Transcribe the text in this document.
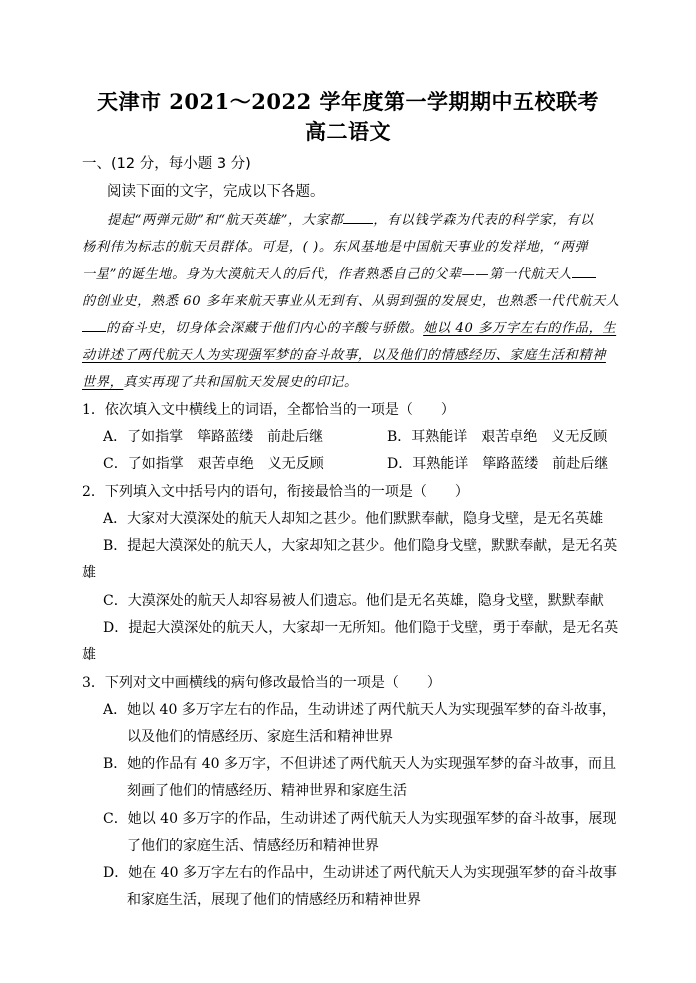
天津市 2021～2022 学年度第一学期期中五校联考
高二语文
一、(12 分，每小题 3 分)
阅读下面的文字，完成以下各题。
提起“两弹元勋”和“航天英雄”，大家都 ，有以钱学森为代表的科学家，有以
杨利伟为标志的航天员群体。可是，( )。东风基地是中国航天事业的发祥地，“两弹
一星”的诞生地。身为大漠航天人的后代，作者熟悉自己的父辈——第一代航天人
的创业史，熟悉 60 多年来航天事业从无到有、从弱到强的发展史，也熟悉一代代航天人
的奋斗史，切身体会深藏于他们内心的辛酸与骄傲。她以 40 多万字左右的作品，生
动讲述了两代航天人为实现强军梦的奋斗故事，以及他们的情感经历、家庭生活和精神
世界，真实再现了共和国航天发展史的印记。
1．依次填入文中横线上的词语，全都恰当的一项是（　　）
A．了如指掌　筚路蓝缕　前赴后继	B．耳熟能详　艰苦卓绝　义无反顾
C．了如指掌　艰苦卓绝　义无反顾	D．耳熟能详　筚路蓝缕　前赴后继
2．下列填入文中括号内的语句，衔接最恰当的一项是（　　）
A．大家对大漠深处的航天人却知之甚少。他们默默奉献，隐身戈壁，是无名英雄
B．提起大漠深处的航天人，大家却知之甚少。他们隐身戈壁，默默奉献，是无名英
雄
C．大漠深处的航天人却容易被人们遗忘。他们是无名英雄，隐身戈壁，默默奉献
D．提起大漠深处的航天人，大家却一无所知。他们隐于戈壁，勇于奉献，是无名英
雄
3．下列对文中画横线的病句修改最恰当的一项是（　　）
A．她以 40 多万字左右的作品，生动讲述了两代航天人为实现强军梦的奋斗故事，
以及他们的情感经历、家庭生活和精神世界
B．她的作品有 40 多万字，不但讲述了两代航天人为实现强军梦的奋斗故事，而且
刻画了他们的情感经历、精神世界和家庭生活
C．她以 40 多万字的作品，生动讲述了两代航天人为实现强军梦的奋斗故事，展现
了他们的家庭生活、情感经历和精神世界
D．她在 40 多万字左右的作品中，生动讲述了两代航天人为实现强军梦的奋斗故事
和家庭生活，展现了他们的情感经历和精神世界
